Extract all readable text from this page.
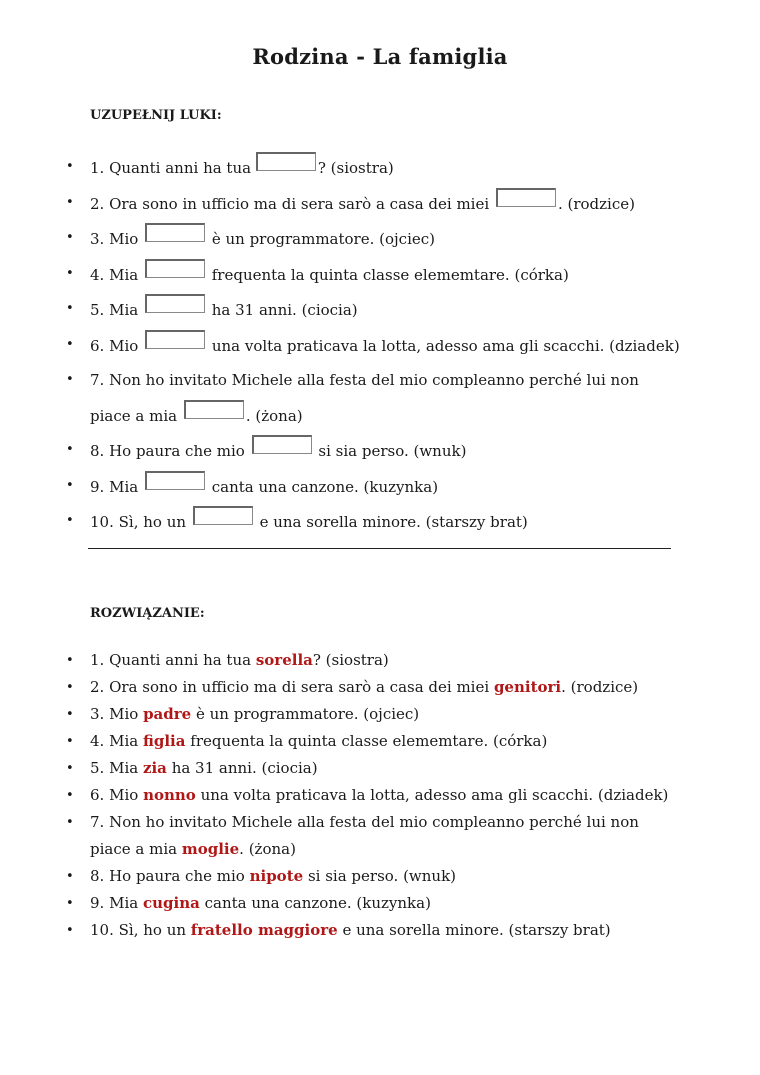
Rodzina - La famiglia
UZUPEŁNIJ LUKI:
• 1. Quanti anni ha tua	? (siostra)
• 2. Ora sono in ufficio ma di sera sarò a casa dei miei	. (rodzice)
• 3. Mio	è un programmatore. (ojciec)
• 4. Mia	frequenta la quinta classe elememtare. (córka)
• 5. Mia	ha 31 anni. (ciocia)
• 6. Mio	una volta praticava la lotta, adesso ama gli scacchi. (dziadek)
• 7. Non ho invitato Michele alla festa del mio compleanno perché lui non
piace a mia	. (żona)
• 8. Ho paura che mio	si sia perso. (wnuk)
• 9. Mia	canta una canzone. (kuzynka)
• 10. Sì, ho un	e una sorella minore. (starszy brat)
ROZWIĄZANIE:
• 1. Quanti anni ha tua sorella? (siostra)
• 2. Ora sono in ufficio ma di sera sarò a casa dei miei genitori. (rodzice)
• 3. Mio padre è un programmatore. (ojciec)
• 4. Mia figlia frequenta la quinta classe elememtare. (córka)
• 5. Mia zia ha 31 anni. (ciocia)
• 6. Mio nonno una volta praticava la lotta, adesso ama gli scacchi. (dziadek)
• 7. Non ho invitato Michele alla festa del mio compleanno perché lui non
piace a mia moglie. (żona)
• 8. Ho paura che mio nipote si sia perso. (wnuk)
• 9. Mia cugina canta una canzone. (kuzynka)
• 10. Sì, ho un fratello maggiore e una sorella minore. (starszy brat)
